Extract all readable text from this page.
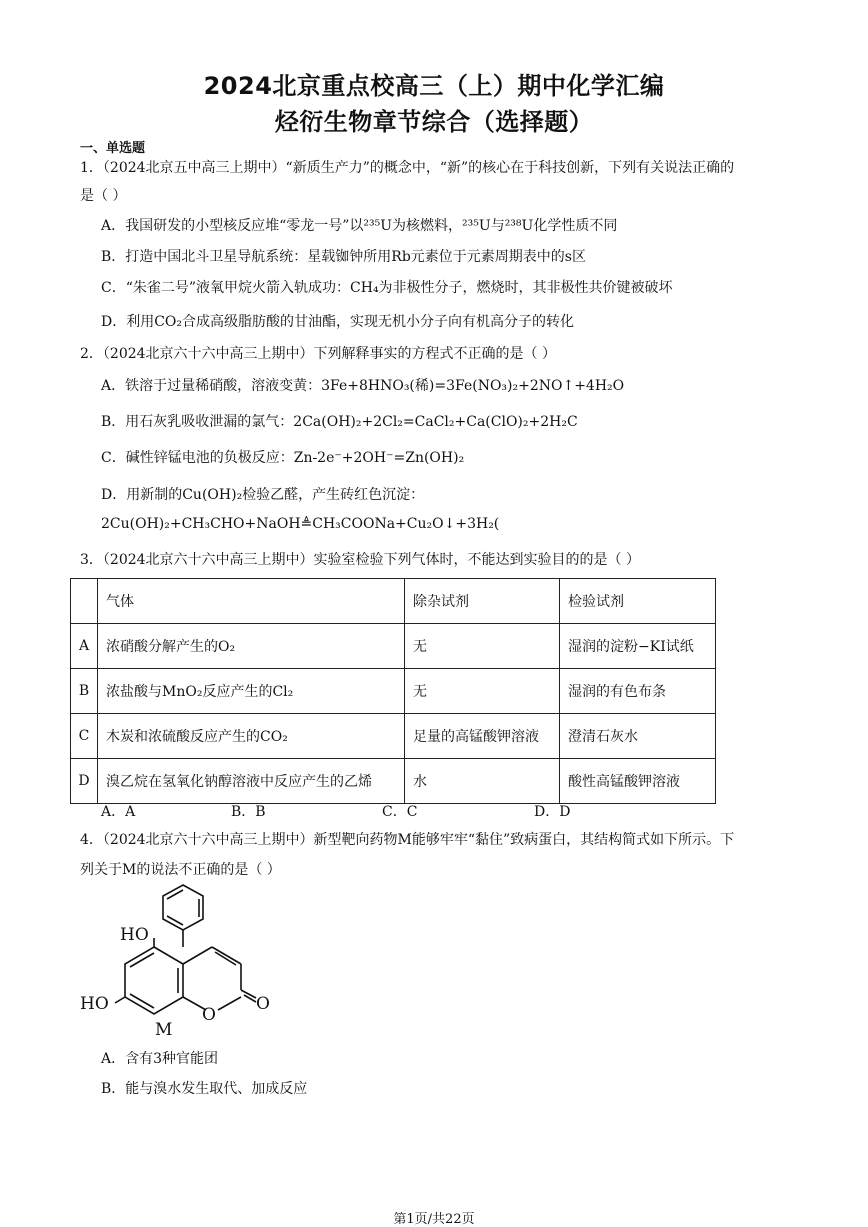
2024北京重点校高三（上）期中化学汇编
烃衍生物章节综合（选择题）
一、单选题
1．（2024北京五中高三上期中）“新质生产力”的概念中，“新”的核心在于科技创新，下列有关说法正确的
是（ ）
A．我国研发的小型核反应堆“零龙一号”以²³⁵U为核燃料，²³⁵U与²³⁸U化学性质不同
B．打造中国北斗卫星导航系统：星载铷钟所用Rb元素位于元素周期表中的s区
C．“朱雀二号”液氧甲烷火箭入轨成功：CH₄为非极性分子，燃烧时，其非极性共价键被破坏
D．利用CO₂合成高级脂肪酸的甘油酯，实现无机小分子向有机高分子的转化
2．（2024北京六十六中高三上期中）下列解释事实的方程式不正确的是（ ）
A．铁溶于过量稀硝酸，溶液变黄：3Fe+8HNO₃(稀)=3Fe(NO₃)₂+2NO↑+4H₂O
B．用石灰乳吸收泄漏的氯气：2Ca(OH)₂+2Cl₂=CaCl₂+Ca(ClO)₂+2H₂C
C．碱性锌锰电池的负极反应：Zn-2e⁻+2OH⁻=Zn(OH)₂
D．用新制的Cu(OH)₂检验乙醛，产生砖红色沉淀：
2Cu(OH)₂+CH₃CHO+NaOH≜CH₃COONa+Cu₂O↓+3H₂(
3．（2024北京六十六中高三上期中）实验室检验下列气体时，不能达到实验目的的是（ ）
	气体	除杂试剂	检验试剂
A	浓硝酸分解产生的O₂	无	湿润的淀粉−KI试纸
B	浓盐酸与MnO₂反应产生的Cl₂	无	湿润的有色布条
C	木炭和浓硫酸反应产生的CO₂	足量的高锰酸钾溶液	澄清石灰水
D	溴乙烷在氢氧化钠醇溶液中反应产生的乙烯	水	酸性高锰酸钾溶液
A．A	B．B	C．C	D．D
4．（2024北京六十六中高三上期中）新型靶向药物M能够牢牢“黏住”致病蛋白，其结构简式如下所示。下
列关于M的说法不正确的是（ ）
HO
HO
O
O
M
A．含有3种官能团
B．能与溴水发生取代、加成反应
第1页/共22页
